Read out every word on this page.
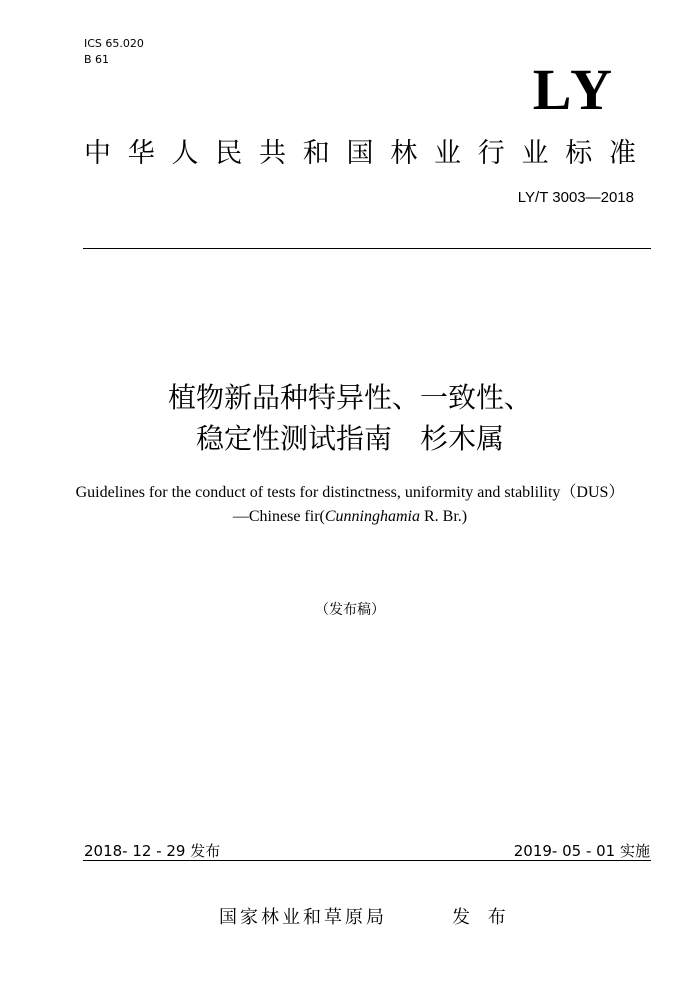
ICS 65.020
B 61	LY
中 华 人 民 共 和 国 林 业 行 业 标 准
LY/T 3003—2018
植物新品种特异性、一致性、
稳定性测试指南　杉木属
Guidelines for the conduct of tests for distinctness, uniformity and stablility（DUS）
—Chinese fir(Cunninghamia R. Br.)
（发布稿）
2018- 12 - 29 发布	2019- 05 - 01 实施
国家林业和草原局	发 布
